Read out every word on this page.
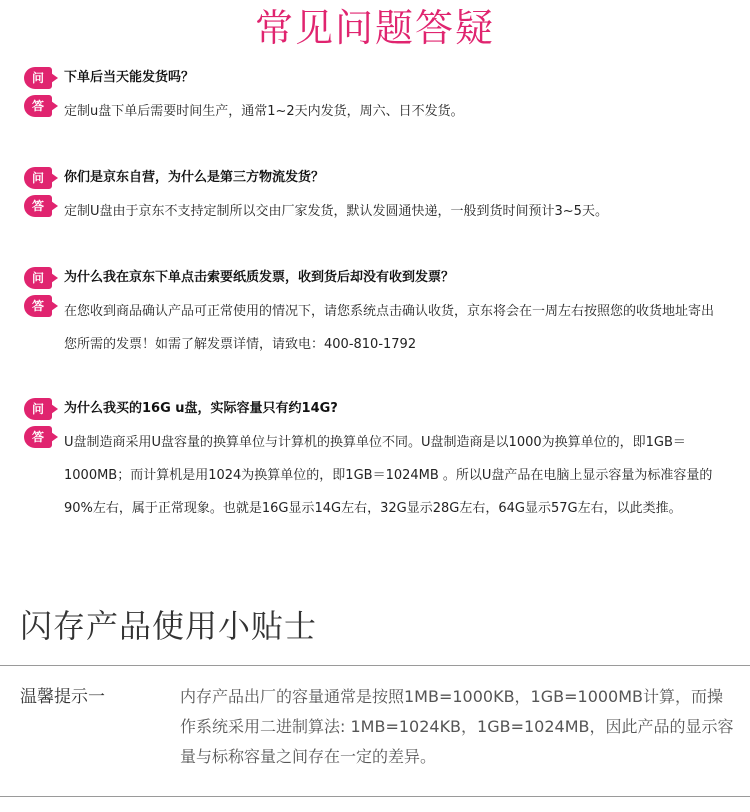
常见问题答疑
问	下单后当天能发货吗？
答	定制u盘下单后需要时间生产，通常1~2天内发货，周六、日不发货。
问	你们是京东自营，为什么是第三方物流发货？
答	定制U盘由于京东不支持定制所以交由厂家发货，默认发圆通快递，一般到货时间预计3~5天。
问	为什么我在京东下单点击索要纸质发票，收到货后却没有收到发票？
答	在您收到商品确认产品可正常使用的情况下，请您系统点击确认收货，京东将会在一周左右按照您的收货地址寄出您所需的发票！如需了解发票详情，请致电：400-810-1792
问	为什么我买的16G u盘，实际容量只有约14G?
答	U盘制造商采用U盘容量的换算单位与计算机的换算单位不同。U盘制造商是以1000为换算单位的，即1GB＝1000MB；而计算机是用1024为换算单位的，即1GB＝1024MB 。所以U盘产品在电脑上显示容量为标准容量的90%左右，属于正常现象。也就是16G显示14G左右，32G显示28G左右，64G显示57G左右，以此类推。
闪存产品使用小贴士
温馨提示一	内存产品出厂的容量通常是按照1MB=1000KB，1GB=1000MB计算，而操作系统采用二进制算法: 1MB=1024KB，1GB=1024MB，因此产品的显示容量与标称容量之间存在一定的差异。
